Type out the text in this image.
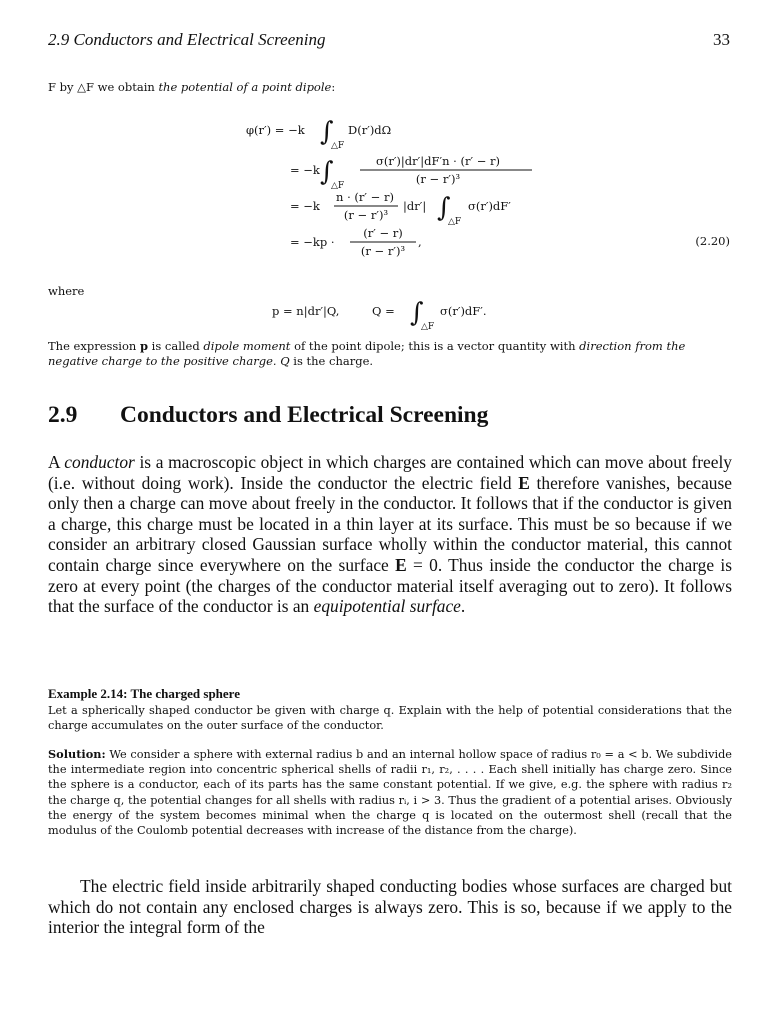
2.9 Conductors and Electrical Screening	33
F by △F we obtain the potential of a point dipole:
φ(r′) = −k ∫
△F
D(r′)dΩ
= −k ∫
△F
σ(r′)|dr′|dF′n · (r′ − r)
(r − r′)³
= −k
n · (r′ − r)
(r − r′)³
|dr′| ∫
△F
σ(r′)dF′
= −kp ·
(r′ − r)
(r − r′)³
,	(2.20)
where
p = n|dr′|Q,	Q = ∫
△F
σ(r′)dF′.
The expression p is called dipole moment of the point dipole; this is a vector quantity with direction from the negative charge to the positive charge. Q is the charge.
2.9 Conductors and Electrical Screening
A conductor is a macroscopic object in which charges are contained which can move about freely (i.e. without doing work). Inside the conductor the electric field E therefore vanishes, because only then a charge can move about freely in the conductor. It follows that if the conductor is given a charge, this charge must be located in a thin layer at its surface. This must be so because if we consider an arbitrary closed Gaussian surface wholly within the conductor material, this cannot contain charge since everywhere on the surface E = 0. Thus inside the conductor the charge is zero at every point (the charges of the conductor material itself averaging out to zero). It follows that the surface of the conductor is an equipotential surface.
Example 2.14: The charged sphere
Let a spherically shaped conductor be given with charge q. Explain with the help of potential considerations that the charge accumulates on the outer surface of the conductor.
Solution: We consider a sphere with external radius b and an internal hollow space of radius r₀ = a < b. We subdivide the intermediate region into concentric spherical shells of radii r₁, r₂, . . . . Each shell initially has charge zero. Since the sphere is a conductor, each of its parts has the same constant potential. If we give, e.g. the sphere with radius r₂ the charge q, the potential changes for all shells with radius rᵢ, i > 3. Thus the gradient of a potential arises. Obviously the energy of the system becomes minimal when the charge q is located on the outermost shell (recall that the modulus of the Coulomb potential decreases with increase of the distance from the charge).
The electric field inside arbitrarily shaped conducting bodies whose surfaces are charged but which do not contain any enclosed charges is always zero. This is so, because if we apply to the interior the integral form of the
